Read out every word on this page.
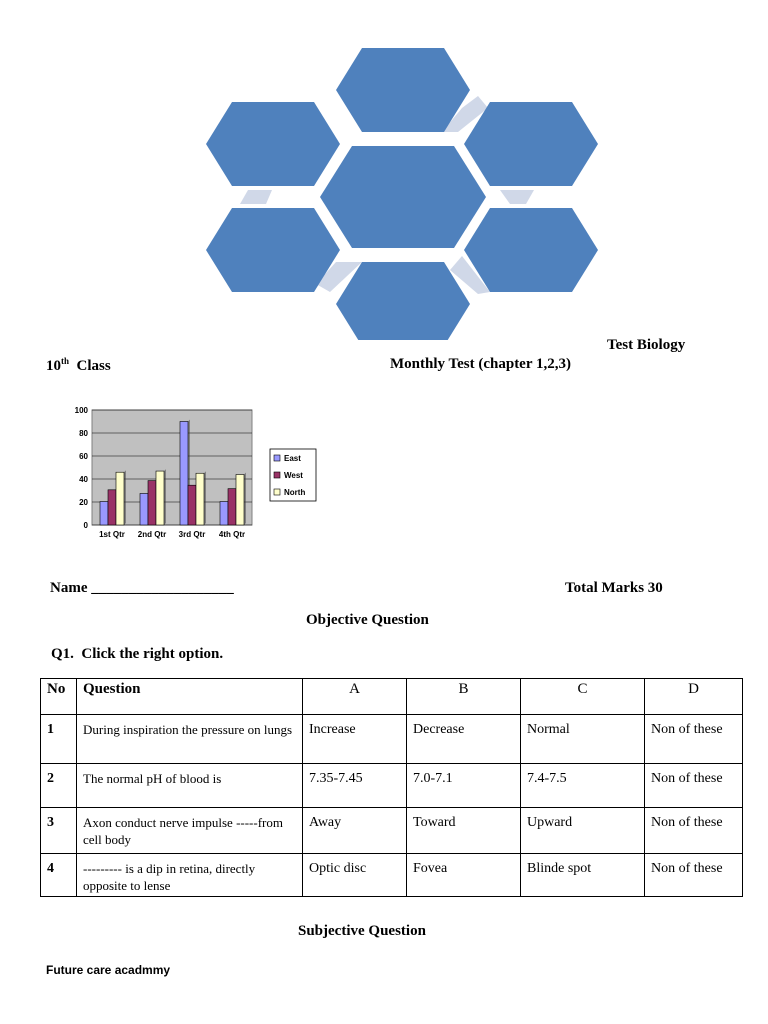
Test Biology
10th Class	Monthly Test (chapter 1,2,3)
0
20
40
60
80
100
1st Qtr 2nd Qtr 3rd Qtr 4th Qtr
East
West
North
Name ___________________	Total Marks 30
Objective Question
Q1.  Click the right option.
No	Question	A	B	C	D
1	During inspiration the pressure on lungs	Increase	Decrease	Normal	Non of these
2	The normal pH of blood is	7.35-7.45	7.0-7.1	7.4-7.5	Non of these
3	Axon conduct nerve impulse -----from cell body	Away	Toward	Upward	Non of these
4	--------- is a dip in retina, directly opposite to lense	Optic disc	Fovea	Blinde spot	Non of these
Subjective Question
Future care acadmmy
